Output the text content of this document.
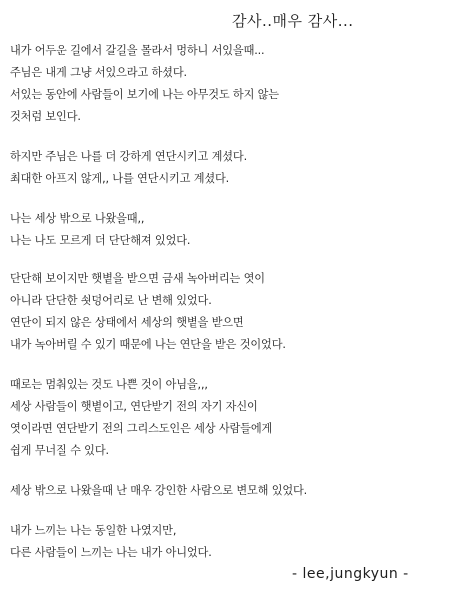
감사..매우 감사...
내가 어두운 길에서 갈길을 몰라서 멍하니 서있을때...
주님은 내게 그냥 서있으라고 하셨다.
서있는 동안에 사람들이 보기에 나는 아무것도 하지 않는
것처럼 보인다.
하지만 주님은 나를 더 강하게 연단시키고 계셨다.
최대한 아프지 않게,, 나를 연단시키고 계셨다.
나는 세상 밖으로 나왔을때,,
나는 나도 모르게 더 단단해져 있었다.
단단해 보이지만 햇볕을 받으면 금새 녹아버리는 엿이
아니라 단단한 쇳덩어리로 난 변해 있었다.
연단이 되지 않은 상태에서 세상의 햇볕을 받으면
내가 녹아버릴 수 있기 때문에 나는 연단을 받은 것이었다.
때로는 멈춰있는 것도 나쁜 것이 아님을,,,
세상 사람들이 햇볕이고, 연단받기 전의 자기 자신이
엿이라면 연단받기 전의 그리스도인은 세상 사람들에게
쉽게 무너질 수 있다.
세상 밖으로 나왔을때 난 매우 강인한 사람으로 변모해 있었다.
내가 느끼는 나는 동일한 나였지만,
다른 사람들이 느끼는 나는 내가 아니었다.
- lee,jungkyun -
